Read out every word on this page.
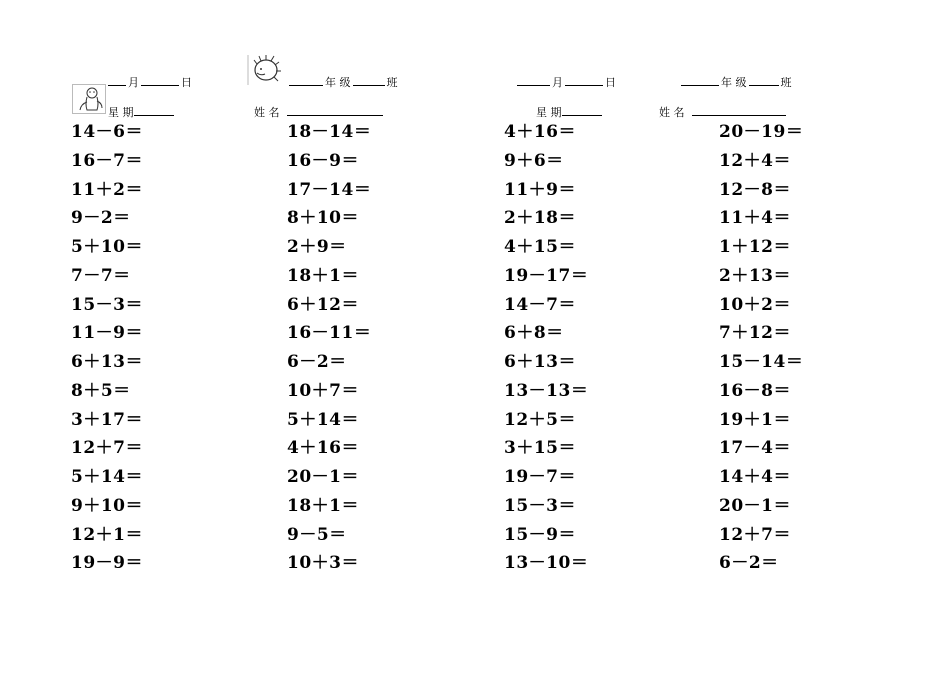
月	日	年 级	班
星 期	姓 名
月	日	年 级	班
星 期	姓 名
14－6＝
16－7＝
11＋2＝
9－2＝
5＋10＝
7－7＝
15－3＝
11－9＝
6＋13＝
8＋5＝
3＋17＝
12＋7＝
5＋14＝
9＋10＝
12＋1＝
19－9＝
18－14＝
16－9＝
17－14＝
8＋10＝
2＋9＝
18＋1＝
6＋12＝
16－11＝
6－2＝
10＋7＝
5＋14＝
4＋16＝
20－1＝
18＋1＝
9－5＝
10＋3＝
4＋16＝
9＋6＝
11＋9＝
2＋18＝
4＋15＝
19－17＝
14－7＝
6＋8＝
6＋13＝
13－13＝
12＋5＝
3＋15＝
19－7＝
15－3＝
15－9＝
13－10＝
20－19＝
12＋4＝
12－8＝
11＋4＝
1＋12＝
2＋13＝
10＋2＝
7＋12＝
15－14＝
16－8＝
19＋1＝
17－4＝
14＋4＝
20－1＝
12＋7＝
6－2＝
